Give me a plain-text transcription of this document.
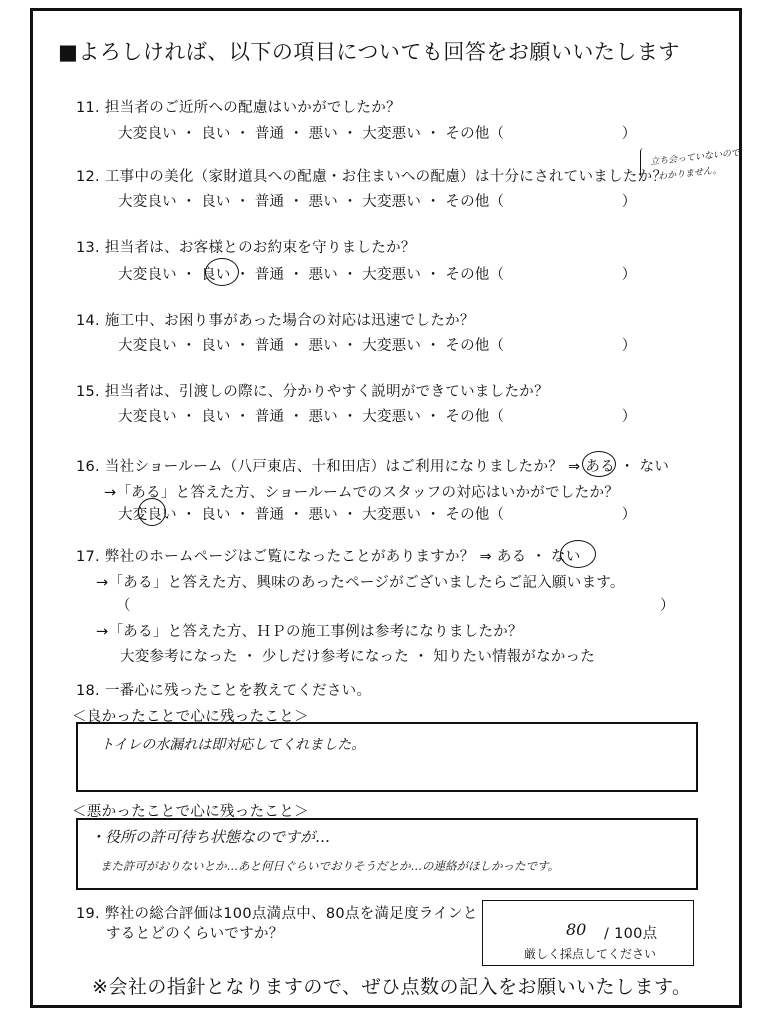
■よろしければ、以下の項目についても回答をお願いいたします
11. 担当者のご近所への配慮はいかがでしたか？
大変良い ・ 良い ・ 普通 ・ 悪い ・ 大変悪い ・ その他（　　　　　　　　）
12. 工事中の美化（家財道具への配慮・お住まいへの配慮）は十分にされていましたか？
大変良い ・ 良い ・ 普通 ・ 悪い ・ 大変悪い ・ その他（　　　　　　　　）
立ち会っていないので
わかりません。
13. 担当者は、お客様とのお約束を守りましたか？
大変良い ・ 良い ・ 普通 ・ 悪い ・ 大変悪い ・ その他（　　　　　　　　）
14. 施工中、お困り事があった場合の対応は迅速でしたか？
大変良い ・ 良い ・ 普通 ・ 悪い ・ 大変悪い ・ その他（　　　　　　　　）
15. 担当者は、引渡しの際に、分かりやすく説明ができていましたか？
大変良い ・ 良い ・ 普通 ・ 悪い ・ 大変悪い ・ その他（　　　　　　　　）
16. 当社ショールーム（八戸東店、十和田店）はご利用になりましたか？ ⇒ ある ・ ない
→「ある」と答えた方、ショールームでのスタッフの対応はいかがでしたか？
大変良い ・ 良い ・ 普通 ・ 悪い ・ 大変悪い ・ その他（　　　　　　　　）
17. 弊社のホームページはご覧になったことがありますか？ ⇒ ある ・ ない
→「ある」と答えた方、興味のあったページがございましたらご記入願います。
（	）
→「ある」と答えた方、ＨＰの施工事例は参考になりましたか？
大変参考になった ・ 少しだけ参考になった ・ 知りたい情報がなかった
18. 一番心に残ったことを教えてください。
＜良かったことで心に残ったこと＞
トイレの水漏れは即対応してくれました。
＜悪かったことで心に残ったこと＞
・役所の許可待ち状態なのですが…
また許可がおりないとか…あと何日ぐらいでおりそうだとか…の連絡がほしかったです。
19. 弊社の総合評価は100点満点中、80点を満足度ラインと
するとどのくらいですか？	80 / 100点
厳しく採点してください
※会社の指針となりますので、ぜひ点数の記入をお願いいたします。
